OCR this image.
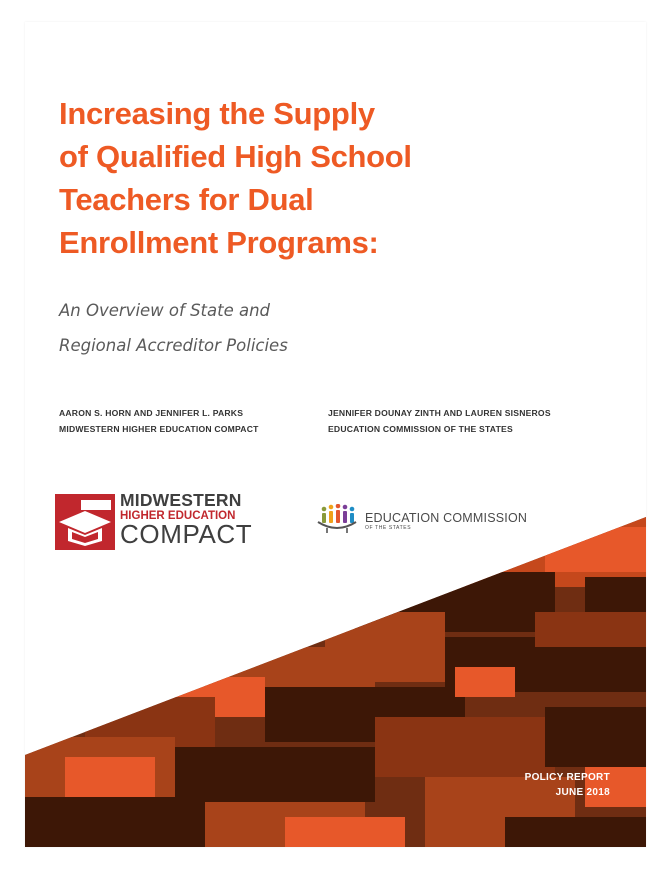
Increasing the Supply
of Qualified High School
Teachers for Dual
Enrollment Programs:
An Overview of State and
Regional Accreditor Policies
AARON S. HORN AND JENNIFER L. PARKS
MIDWESTERN HIGHER EDUCATION COMPACT
JENNIFER DOUNAY ZINTH AND LAUREN SISNEROS
EDUCATION COMMISSION OF THE STATES
MIDWESTERN
HIGHER EDUCATION
COMPACT
EDUCATION COMMISSION
OF THE STATES
POLICY REPORT
JUNE 2018
